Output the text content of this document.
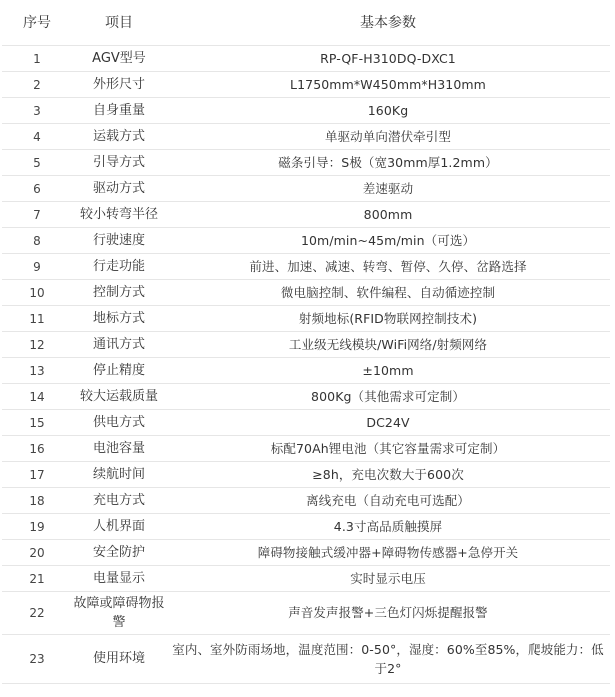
序号	项目	基本参数
1	AGV型号	RP-QF-H310DQ-DXC1
2	外形尺寸	L1750mm*W450mm*H310mm
3	自身重量	160Kg
4	运载方式	单驱动单向潜伏牵引型
5	引导方式	磁条引导：S极（宽30mm厚1.2mm）
6	驱动方式	差速驱动
7	较小转弯半径	800mm
8	行驶速度	10m/min~45m/min（可选）
9	行走功能	前进、加速、减速、转弯、暂停、久停、岔路选择
10	控制方式	微电脑控制、软件编程、自动循迹控制
11	地标方式	射频地标(RFID物联网控制技术)
12	通讯方式	工业级无线模块/WiFi网络/射频网络
13	停止精度	±10mm
14	较大运载质量	800Kg（其他需求可定制）
15	供电方式	DC24V
16	电池容量	标配70Ah锂电池（其它容量需求可定制）
17	续航时间	≥8h，充电次数大于600次
18	充电方式	离线充电（自动充电可选配）
19	人机界面	4.3寸高品质触摸屏
20	安全防护	障碍物接触式缓冲器+障碍物传感器+急停开关
21	电量显示	实时显示电压
22	故障或障碍物报警	声音发声报警+三色灯闪烁提醒报警
23	使用环境	室内、室外防雨场地，温度范围：0-50°，湿度：60%至85%，爬坡能力：低于2°
